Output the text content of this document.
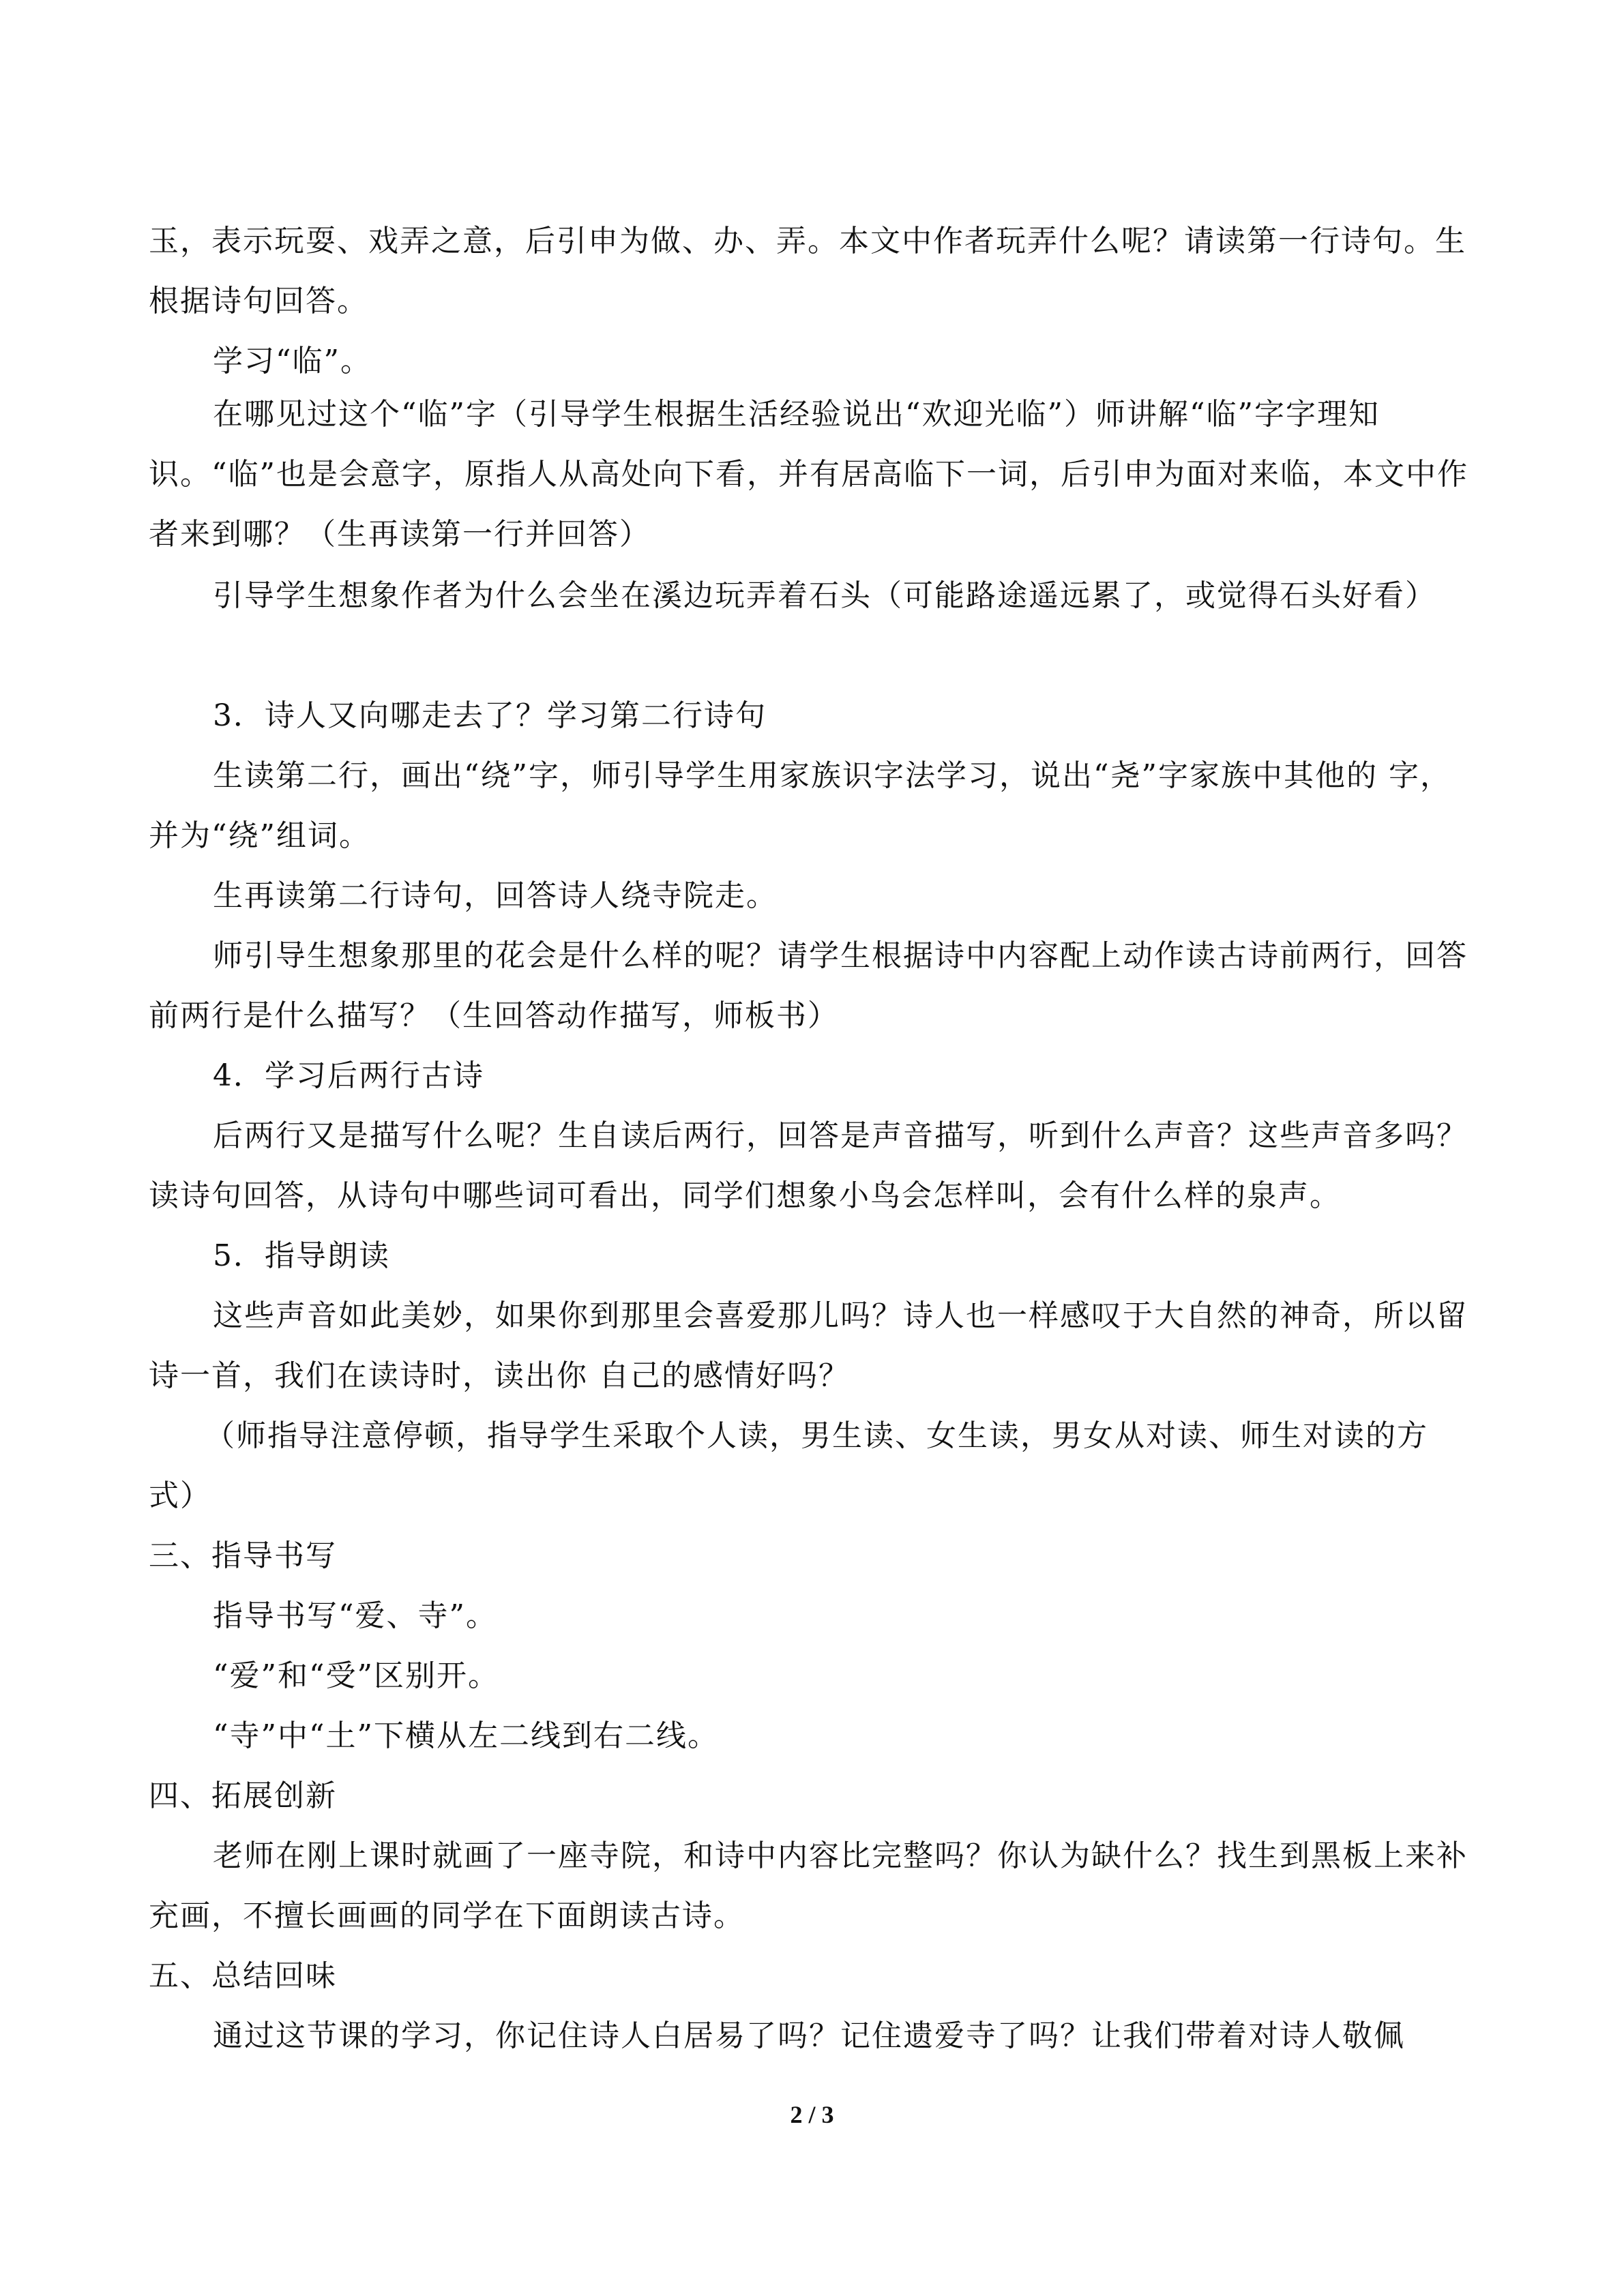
玉，表示玩耍、戏弄之意，后引申为做、办、弄。本文中作者玩弄什么呢？请读第一行诗句。生根据诗句回答。

学习“临”。

在哪见过这个“临”字（引导学生根据生活经验说出“欢迎光临”）师讲解“临”字字理知识。“临”也是会意字，原指人从高处向下看，并有居高临下一词，后引申为面对来临，本文中作者来到哪？（生再读第一行并回答）

引导学生想象作者为什么会坐在溪边玩弄着石头（可能路途遥远累了，或觉得石头好看）

3．诗人又向哪走去了？学习第二行诗句

生读第二行，画出“绕”字，师引导学生用家族识字法学习，说出“尧”字家族中其他的 字，并为“绕”组词。

生再读第二行诗句，回答诗人绕寺院走。

师引导生想象那里的花会是什么样的呢？请学生根据诗中内容配上动作读古诗前两行，回答前两行是什么描写？（生回答动作描写，师板书）

4．学习后两行古诗

后两行又是描写什么呢？生自读后两行，回答是声音描写，听到什么声音？这些声音多吗？读诗句回答，从诗句中哪些词可看出，同学们想象小鸟会怎样叫，会有什么样的泉声。

5．指导朗读

这些声音如此美妙，如果你到那里会喜爱那儿吗？诗人也一样感叹于大自然的神奇，所以留诗一首，我们在读诗时，读出你 自己的感情好吗？

（师指导注意停顿，指导学生采取个人读，男生读、女生读，男女从对读、师生对读的方式）

三、指导书写

指导书写“爱、寺”。

“爱”和“受”区别开。

“寺”中“土”下横从左二线到右二线。

四、拓展创新

老师在刚上课时就画了一座寺院，和诗中内容比完整吗？你认为缺什么？找生到黑板上来补充画，不擅长画画的同学在下面朗读古诗。

五、总结回味

通过这节课的学习，你记住诗人白居易了吗？记住遗爱寺了吗？让我们带着对诗人敬佩

2 / 3
